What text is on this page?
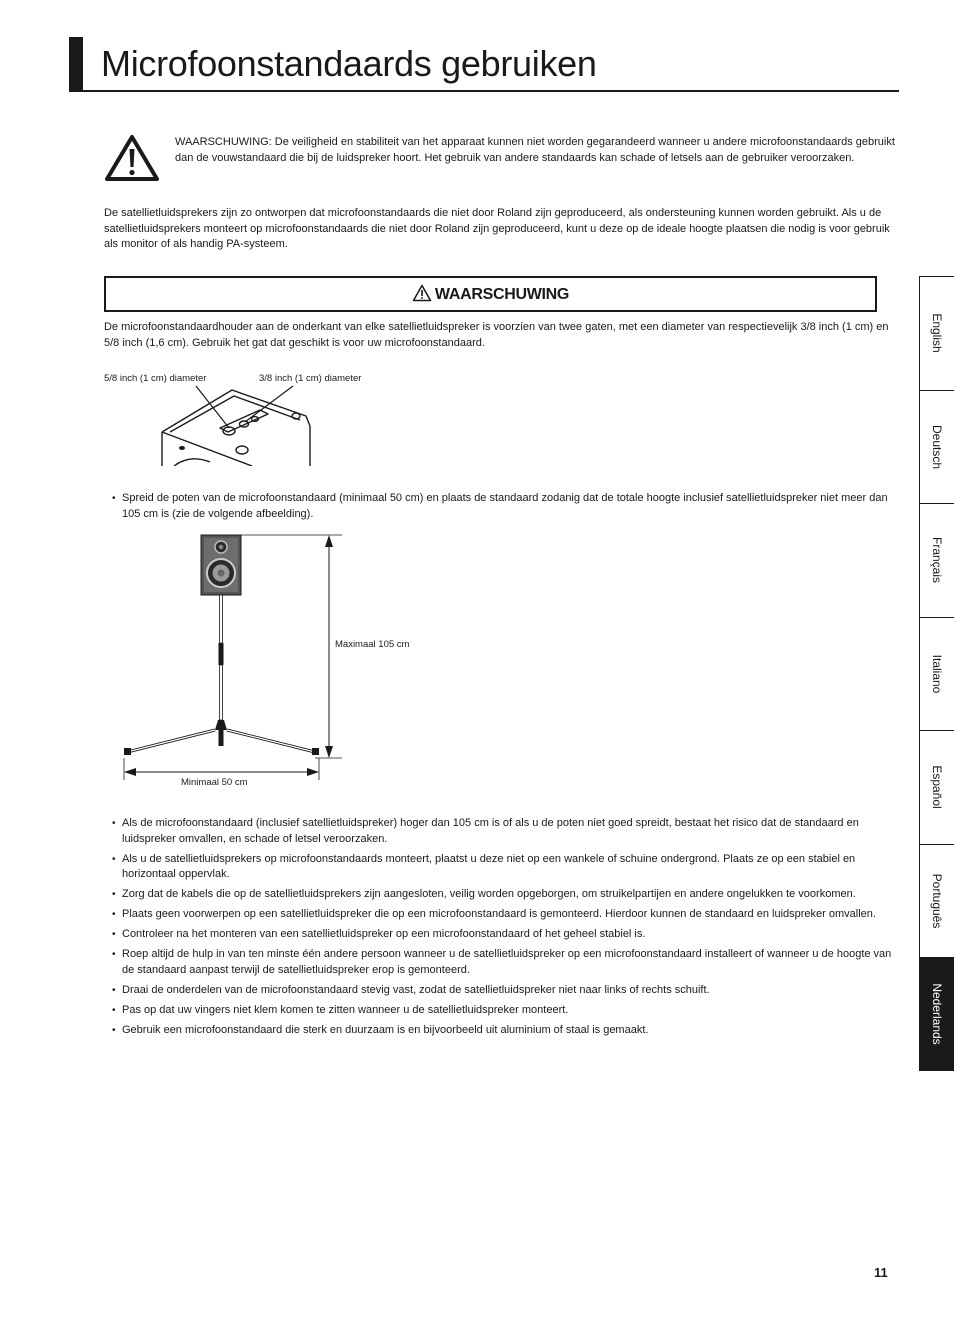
Microfoonstandaards gebruiken

WAARSCHUWING: De veiligheid en stabiliteit van het apparaat kunnen niet worden gegarandeerd wanneer u andere microfoonstandaards gebruikt dan de vouwstandaard die bij de luidspreker hoort. Het gebruik van andere standaards kan schade of letsels aan de gebruiker veroorzaken.

De satellietluidsprekers zijn zo ontworpen dat microfoonstandaards die niet door Roland zijn geproduceerd, als ondersteuning kunnen worden gebruikt. Als u de satellietluidsprekers monteert op microfoonstandaards die niet door Roland zijn geproduceerd, kunt u deze op de ideale hoogte plaatsen die nodig is voor gebruik als monitor of als handig PA-systeem.

WAARSCHUWING

De microfoonstandaardhouder aan de onderkant van elke satellietluidspreker is voorzien van twee gaten, met een diameter van respectievelijk 3/8 inch (1 cm) en 5/8 inch (1,6 cm). Gebruik het gat dat geschikt is voor uw microfoonstandaard.

5/8 inch (1 cm) diameter	3/8 inch (1 cm) diameter
• Spreid de poten van de microfoonstandaard (minimaal 50 cm) en plaats de standaard zodanig dat de totale hoogte inclusief satellietluidspreker niet meer dan 105 cm is (zie de volgende afbeelding).
Maximaal 105 cm
Minimaal 50 cm
• Als de microfoonstandaard (inclusief satellietluidspreker) hoger dan 105 cm is of als u de poten niet goed spreidt, bestaat het risico dat de standaard en luidspreker omvallen, en schade of letsel veroorzaken.
• Als u de satellietluidsprekers op microfoonstandaards monteert, plaatst u deze niet op een wankele of schuine ondergrond. Plaats ze op een stabiel en horizontaal oppervlak.
• Zorg dat de kabels die op de satellietluidsprekers zijn aangesloten, veilig worden opgeborgen, om struikelpartijen en andere ongelukken te voorkomen.
• Plaats geen voorwerpen op een satellietluidspreker die op een microfoonstandaard is gemonteerd. Hierdoor kunnen de standaard en luidspreker omvallen.
• Controleer na het monteren van een satellietluidspreker op een microfoonstandaard of het geheel stabiel is.
• Roep altijd de hulp in van ten minste één andere persoon wanneer u de satellietluidspreker op een microfoonstandaard installeert of wanneer u de hoogte van de standaard aanpast terwijl de satellietluidspreker erop is gemonteerd.
• Draai de onderdelen van de microfoonstandaard stevig vast, zodat de satellietluidspreker niet naar links of rechts schuift.
• Pas op dat uw vingers niet klem komen te zitten wanneer u de satellietluidspreker monteert.
• Gebruik een microfoonstandaard die sterk en duurzaam is en bijvoorbeeld uit aluminium of staal is gemaakt.
English
Deutsch
Français
Italiano
Español
Português
Nederlands
11
